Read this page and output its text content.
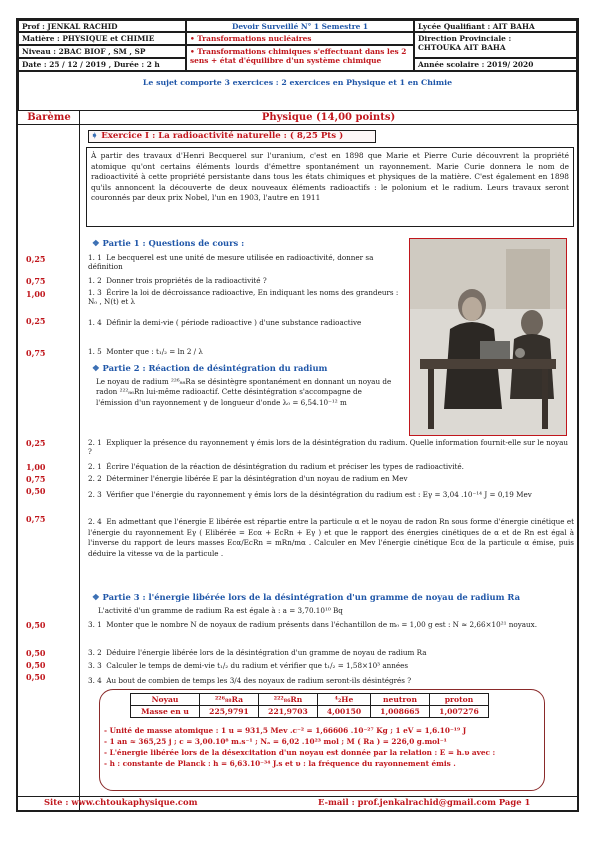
Prof : JENKAL RACHID	Devoir Surveillé N° 1 Semestre 1	Lycée Qualifiant : AIT BAHA
Matière : PHYSIQUE et CHIMIE	• Transformations nucléaires	Direction Provinciale :
CHTOUKA AIT BAHA
Niveau : 2BAC BIOF , SM , SP	• Transformations chimiques s'effectuant dans les 2 sens + état d'équilibre d'un système chimique
Date : 25 / 12 / 2019 , Durée : 2 h	Année scolaire : 2019/ 2020
Le sujet comporte 3 exercices : 2 exercices en Physique et 1 en Chimie
Barème	Physique (14,00 points)
➧ Exercice I : La radioactivité naturelle : ( 8,25 Pts )
À partir des travaux d'Henri Becquerel sur l'uranium, c'est en 1898 que Marie et Pierre Curie découvrent la propriété atomique qu'ont certains éléments lourds d'émettre spontanément un rayonnement. Marie Curie donnera le nom de radioactivité à cette propriété persistante dans tous les états chimiques et physiques de la matière. C'est également en 1898 qu'ils annoncent la découverte de deux nouveaux éléments radioactifs : le polonium et le radium. Leurs travaux seront couronnés par deux prix Nobel, l'un en 1903, l'autre en 1911
❖ Partie 1 : Questions de cours :
0,25	1. 1 Le becquerel est une unité de mesure utilisée en radioactivité, donner sa définition
0,75	1. 2 Donner trois propriétés de la radioactivité ?
1,00	1. 3 Écrire la loi de décroissance radioactive, En indiquant les noms des grandeurs : N₀ , N(t) et λ
0,25	1. 4 Définir la demi-vie ( période radioactive ) d'une substance radioactive
0,75	1. 5 Monter que : t₁/₂ = ln 2 / λ
❖ Partie 2 : Réaction de désintégration du radium
Le noyau de radium ²²⁶₈₈Ra se désintègre spontanément en donnant un noyau de radon ²²²₈₆Rn lui-même radioactif. Cette désintégration s'accompagne de l'émission d'un rayonnement γ de longueur d'onde λ₀ = 6,54.10⁻¹² m
0,25	2. 1 Expliquer la présence du rayonnement γ émis lors de la désintégration du radium. Quelle information fournit-elle sur le noyau ?
1,00	2. 1 Écrire l'équation de la réaction de désintégration du radium et préciser les types de radioactivité.
0,75	2. 2 Déterminer l'énergie libérée E par la désintégration d'un noyau de radium en Mev
0,50	2. 3 Vérifier que l'énergie du rayonnement γ émis lors de la désintégration du radium est : Eγ = 3,04 .10⁻¹⁴ J = 0,19 Mev
0,75	2. 4 En admettant que l'énergie E libérée est répartie entre la particule α et le noyau de radon Rn sous forme d'énergie cinétique et l'énergie du rayonnement Eγ ( Elibérée = Ecα + EcRn + Eγ ) et que le rapport des énergies cinétiques de α et de Rn est égal à l'inverse du rapport de leurs masses Ecα/EcRn = mRn/mα . Calculer en Mev l'énergie cinétique Ecα de la particule α émise, puis déduire la vitesse vα de la particule .
❖ Partie 3 : l'énergie libérée lors de la désintégration d'un gramme de noyau de radium Ra
L'activité d'un gramme de radium Ra est égale à : a = 3,70.10¹⁰ Bq
0,50	3. 1 Monter que le nombre N de noyaux de radium présents dans l'échantillon de m₀ = 1,00 g est : N ≈ 2,66×10²¹ noyaux.
0,50	3. 2 Déduire l'énergie libérée lors de la désintégration d'un gramme de noyau de radium Ra
0,50	3. 3 Calculer le temps de demi-vie t₁/₂ du radium et vérifier que t₁/₂ = 1,58×10³ années
0,50	3. 4 Au bout de combien de temps les 3/4 des noyaux de radium seront-ils désintégrés ?
Noyau	²²⁶₈₈Ra	²²²₈₆Rn	⁴₂He	neutron	proton
Masse en u	225,9791	221,9703	4,00150	1,008665	1,007276
- Unité de masse atomique : 1 u = 931,5 Mev .c⁻² = 1,66606 .10⁻²⁷ Kg ; 1 eV = 1,6.10⁻¹⁹ J
- 1 an ≈ 365,25 j ; c = 3,00.10⁸ m.s⁻¹ ; Nₐ = 6,02 .10²³ mol ; M ( Ra ) = 226,0 g.mol⁻¹
- L'énergie libérée lors de la désexcitation d'un noyau est donnée par la relation : E = h.υ avec :
- h : constante de Planck : h = 6,63.10⁻³⁴ J.s et υ : la fréquence du rayonnement émis .
Site : www.chtoukaphysique.com	E-mail : prof.jenkalrachid@gmail.com Page 1
